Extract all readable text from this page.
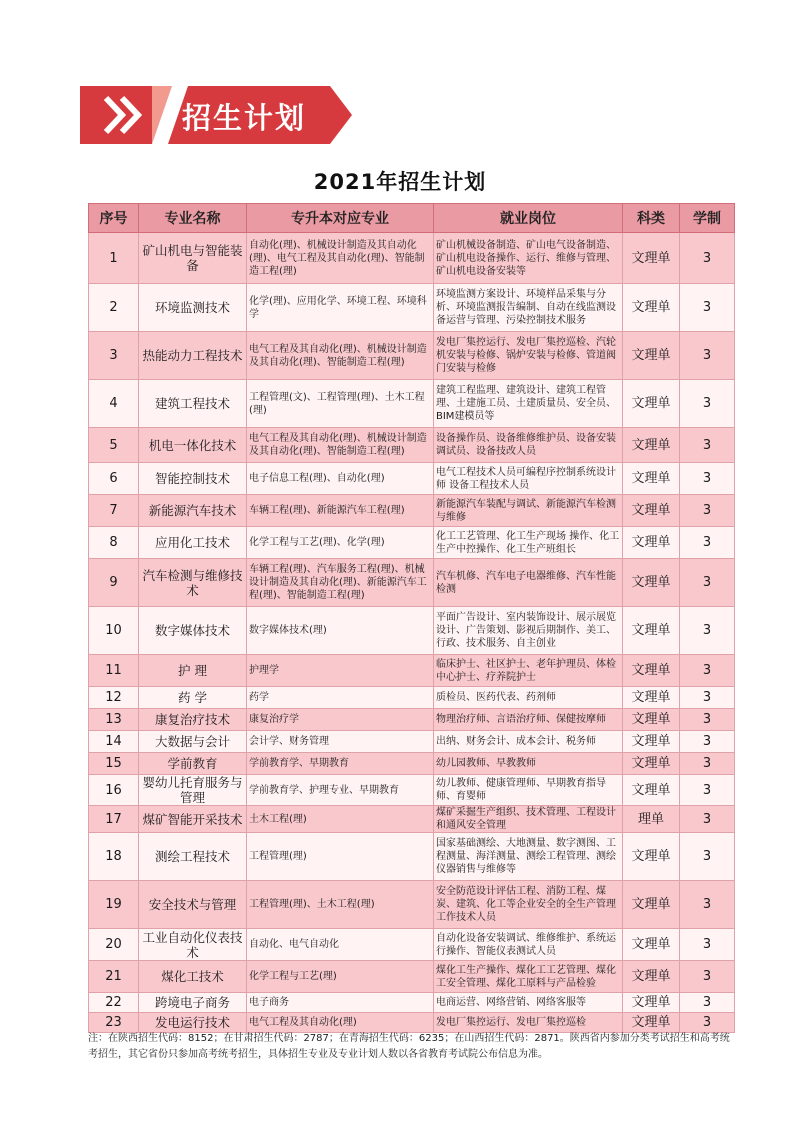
招生计划
2021年招生计划
序号	专业名称	专升本对应专业	就业岗位	科类	学制
1	矿山机电与智能装备	自动化(理)、机械设计制造及其自动化(理)、电气工程及其自动化(理)、智能制造工程(理)	矿山机械设备制造、矿山电气设备制造、矿山机电设备操作、运行、维修与管理、矿山机电设备安装等	文理单	3
2	环境监测技术	化学(理)、应用化学、环境工程、环境科学	环境监测方案设计、环境样品采集与分析、环境监测报告编制、自动在线监测设备运营与管理、污染控制技术服务	文理单	3
3	热能动力工程技术	电气工程及其自动化(理)、机械设计制造及其自动化(理)、智能制造工程(理)	发电厂集控运行、发电厂集控巡检、汽轮机安装与检修、锅炉安装与检修、管道阀门安装与检修	文理单	3
4	建筑工程技术	工程管理(文)、工程管理(理)、土木工程(理)	建筑工程监理、建筑设计、建筑工程管理、土建施工员、土建质量员、安全员、BIM建模员等	文理单	3
5	机电一体化技术	电气工程及其自动化(理)、机械设计制造及其自动化(理)、智能制造工程(理)	设备操作员、设备维修维护员、设备安装调试员、设备技改人员	文理单	3
6	智能控制技术	电子信息工程(理)、自动化(理)	电气工程技术人员可编程序控制系统设计师 设备工程技术人员	文理单	3
7	新能源汽车技术	车辆工程(理)、新能源汽车工程(理)	新能源汽车装配与调试、新能源汽车检测与维修	文理单	3
8	应用化工技术	化学工程与工艺(理)、化学(理)	化工工艺管理、化工生产现场 操作、化工生产中控操作、化工生产班组长	文理单	3
9	汽车检测与维修技术	车辆工程(理)、汽车服务工程(理)、机械设计制造及其自动化(理)、新能源汽车工程(理)、智能制造工程(理)	汽车机修、汽车电子电器维修、汽车性能检测	文理单	3
10	数字媒体技术	数字媒体技术(理)	平面广告设计、室内装饰设计、展示展览设计、广告策划、影视后期制作、美工、行政、技术服务、自主创业	文理单	3
11	护 理	护理学	临床护士、社区护士、老年护理员、体检中心护士、疗养院护士	文理单	3
12	药 学	药学	质检员、医药代表、药剂师	文理单	3
13	康复治疗技术	康复治疗学	物理治疗师、言语治疗师、保健按摩师	文理单	3
14	大数据与会计	会计学、财务管理	出纳、财务会计、成本会计、税务师	文理单	3
15	学前教育	学前教育学、早期教育	幼儿园教师、早教教师	文理单	3
16	婴幼儿托育服务与管理	学前教育学、护理专业、早期教育	幼儿教师、健康管理师、早期教育指导师、育婴师	文理单	3
17	煤矿智能开采技术	土木工程(理)	煤矿采掘生产组织、技术管理、工程设计和通风安全管理	理单	3
18	测绘工程技术	工程管理(理)	国家基础测绘、大地测量、数字测图、工程测量、海洋测量、测绘工程管理、测绘仪器销售与维修等	文理单	3
19	安全技术与管理	工程管理(理)、土木工程(理)	安全防范设计评估工程、消防工程、煤炭、建筑、化工等企业安全的全生产管理工作技术人员	文理单	3
20	工业自动化仪表技术	自动化、电气自动化	自动化设备安装调试、维修维护、系统运行操作、智能仪表测试人员	文理单	3
21	煤化工技术	化学工程与工艺(理)	煤化工生产操作、煤化工工艺管理、煤化工安全管理、煤化工原料与产品检验	文理单	3
22	跨境电子商务	电子商务	电商运营、网络营销、网络客服等	文理单	3
23	发电运行技术	电气工程及其自动化(理)	发电厂集控运行、发电厂集控巡检	文理单	3
注：在陕西招生代码：8152；在甘肃招生代码：2787；在青海招生代码：6235；在山西招生代码：2871。陕西省内参加分类考试招生和高考统考招生，其它省份只参加高考统考招生，具体招生专业及专业计划人数以各省教育考试院公布信息为准。
